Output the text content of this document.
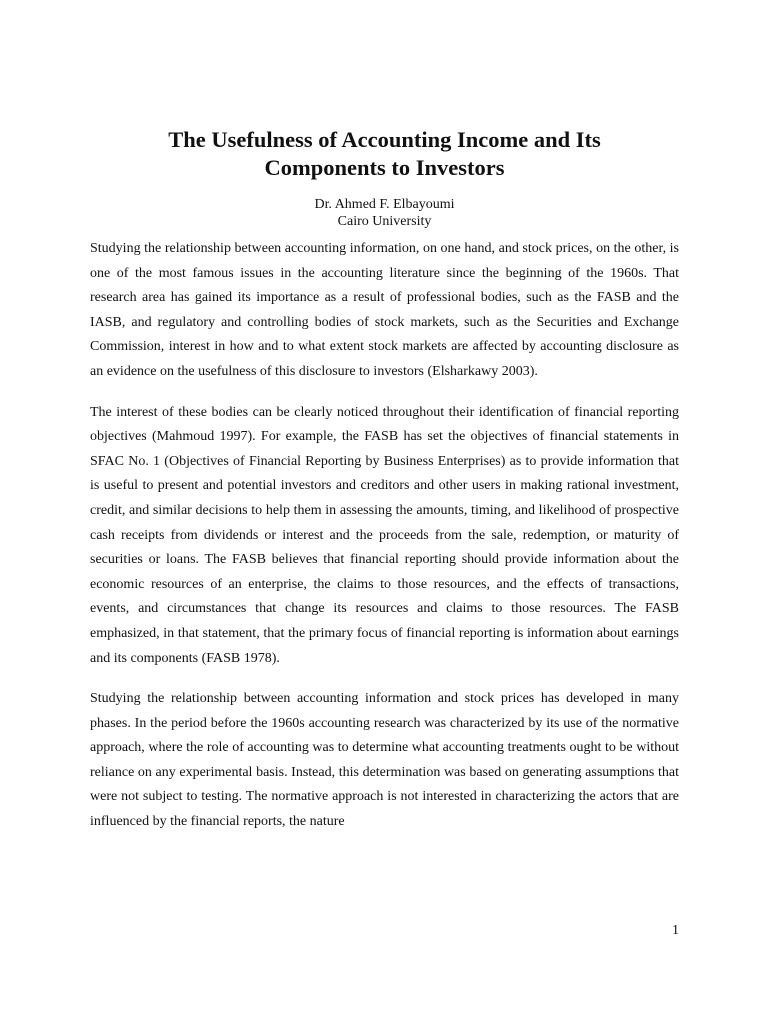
The Usefulness of Accounting Income and Its
Components to Investors
Dr. Ahmed F. Elbayoumi
Cairo University

Studying the relationship between accounting information, on one hand, and stock prices, on the other, is one of the most famous issues in the accounting literature since the beginning of the 1960s. That research area has gained its importance as a result of professional bodies, such as the FASB and the IASB, and regulatory and controlling bodies of stock markets, such as the Securities and Exchange Commission, interest in how and to what extent stock markets are affected by accounting disclosure as an evidence on the usefulness of this disclosure to investors (Elsharkawy 2003).

The interest of these bodies can be clearly noticed throughout their identification of financial reporting objectives (Mahmoud 1997). For example, the FASB has set the objectives of financial statements in SFAC No. 1 (Objectives of Financial Reporting by Business Enterprises) as to provide information that is useful to present and potential investors and creditors and other users in making rational investment, credit, and similar decisions to help them in assessing the amounts, timing, and likelihood of prospective cash receipts from dividends or interest and the proceeds from the sale, redemption, or maturity of securities or loans. The FASB believes that financial reporting should provide information about the economic resources of an enterprise, the claims to those resources, and the effects of transactions, events, and circumstances that change its resources and claims to those resources. The FASB emphasized, in that statement, that the primary focus of financial reporting is information about earnings and its components (FASB 1978).

Studying the relationship between accounting information and stock prices has developed in many phases. In the period before the 1960s accounting research was characterized by its use of the normative approach, where the role of accounting was to determine what accounting treatments ought to be without reliance on any experimental basis. Instead, this determination was based on generating assumptions that were not subject to testing. The normative approach is not interested in characterizing the actors that are influenced by the financial reports, the nature

1
